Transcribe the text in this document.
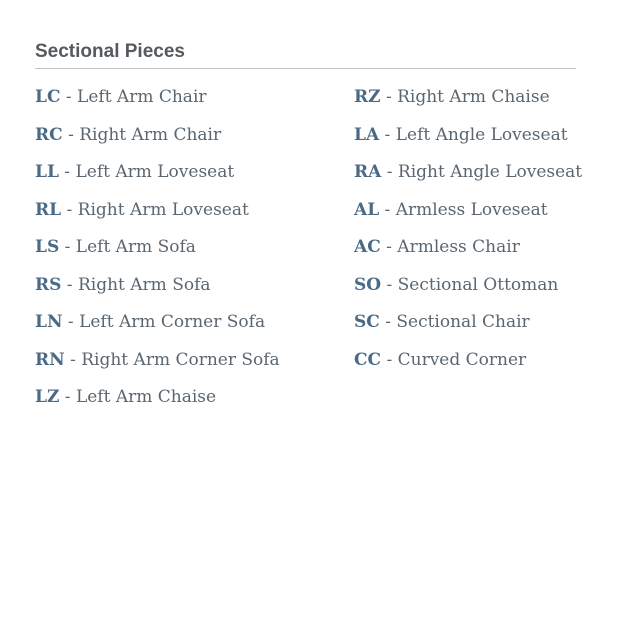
Sectional Pieces
LC - Left Arm Chair
RC - Right Arm Chair
LL - Left Arm Loveseat
RL - Right Arm Loveseat
LS - Left Arm Sofa
RS - Right Arm Sofa
LN - Left Arm Corner Sofa
RN - Right Arm Corner Sofa
LZ - Left Arm Chaise
RZ - Right Arm Chaise
LA - Left Angle Loveseat
RA - Right Angle Loveseat
AL - Armless Loveseat
AC - Armless Chair
SO - Sectional Ottoman
SC - Sectional Chair
CC - Curved Corner
